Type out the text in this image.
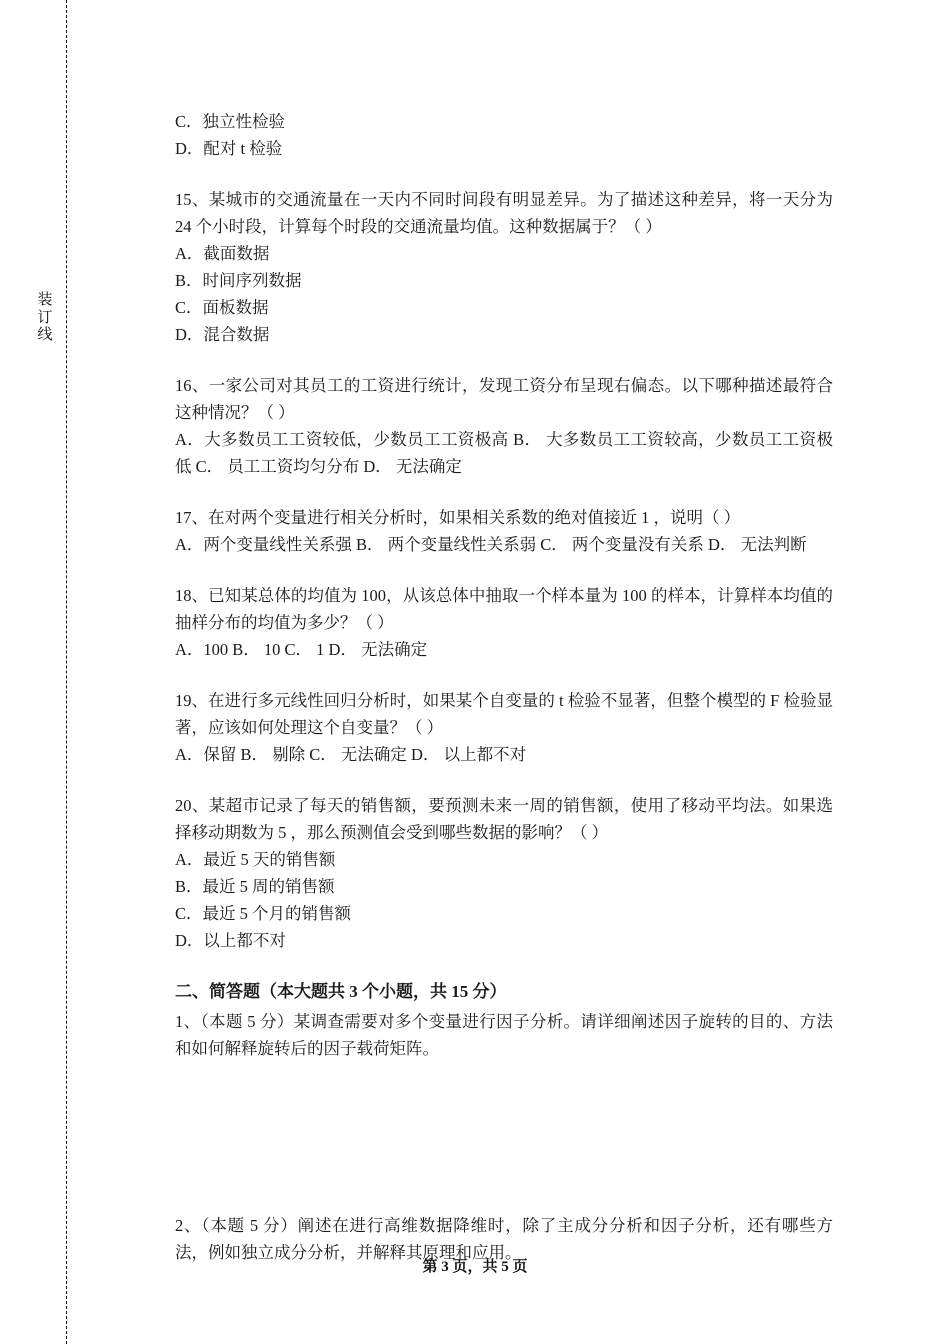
装
订
线

C．独立性检验

D．配对 t 检验

15、某城市的交通流量在一天内不同时间段有明显差异。为了描述这种差异，将一天分为 24 个小时段，计算每个时段的交通流量均值。这种数据属于？（ ）

A．截面数据

B．时间序列数据

C．面板数据

D．混合数据

16、一家公司对其员工的工资进行统计，发现工资分布呈现右偏态。以下哪种描述最符合这种情况？（ ）

A．大多数员工工资较低，少数员工工资极高 B． 大多数员工工资较高，少数员工工资极低 C． 员工工资均匀分布 D． 无法确定

17、在对两个变量进行相关分析时，如果相关系数的绝对值接近 1 ，说明（ ）

A．两个变量线性关系强 B． 两个变量线性关系弱 C． 两个变量没有关系 D． 无法判断

18、已知某总体的均值为 100，从该总体中抽取一个样本量为 100 的样本，计算样本均值的抽样分布的均值为多少？（ ）

A．100 B． 10 C． 1 D． 无法确定

19、在进行多元线性回归分析时，如果某个自变量的 t 检验不显著，但整个模型的 F 检验显著，应该如何处理这个自变量？（ ）

A．保留 B． 剔除 C． 无法确定 D． 以上都不对

20、某超市记录了每天的销售额，要预测未来一周的销售额，使用了移动平均法。如果选择移动期数为 5 ，那么预测值会受到哪些数据的影响？（ ）

A．最近 5 天的销售额

B．最近 5 周的销售额

C．最近 5 个月的销售额

D．以上都不对

二、简答题（本大题共 3 个小题，共 15 分）

1、（本题 5 分）某调查需要对多个变量进行因子分析。请详细阐述因子旋转的目的、方法和如何解释旋转后的因子载荷矩阵。

2、（本题 5 分）阐述在进行高维数据降维时，除了主成分分析和因子分析，还有哪些方法，例如独立成分分析，并解释其原理和应用。

第 3 页，共 5 页
